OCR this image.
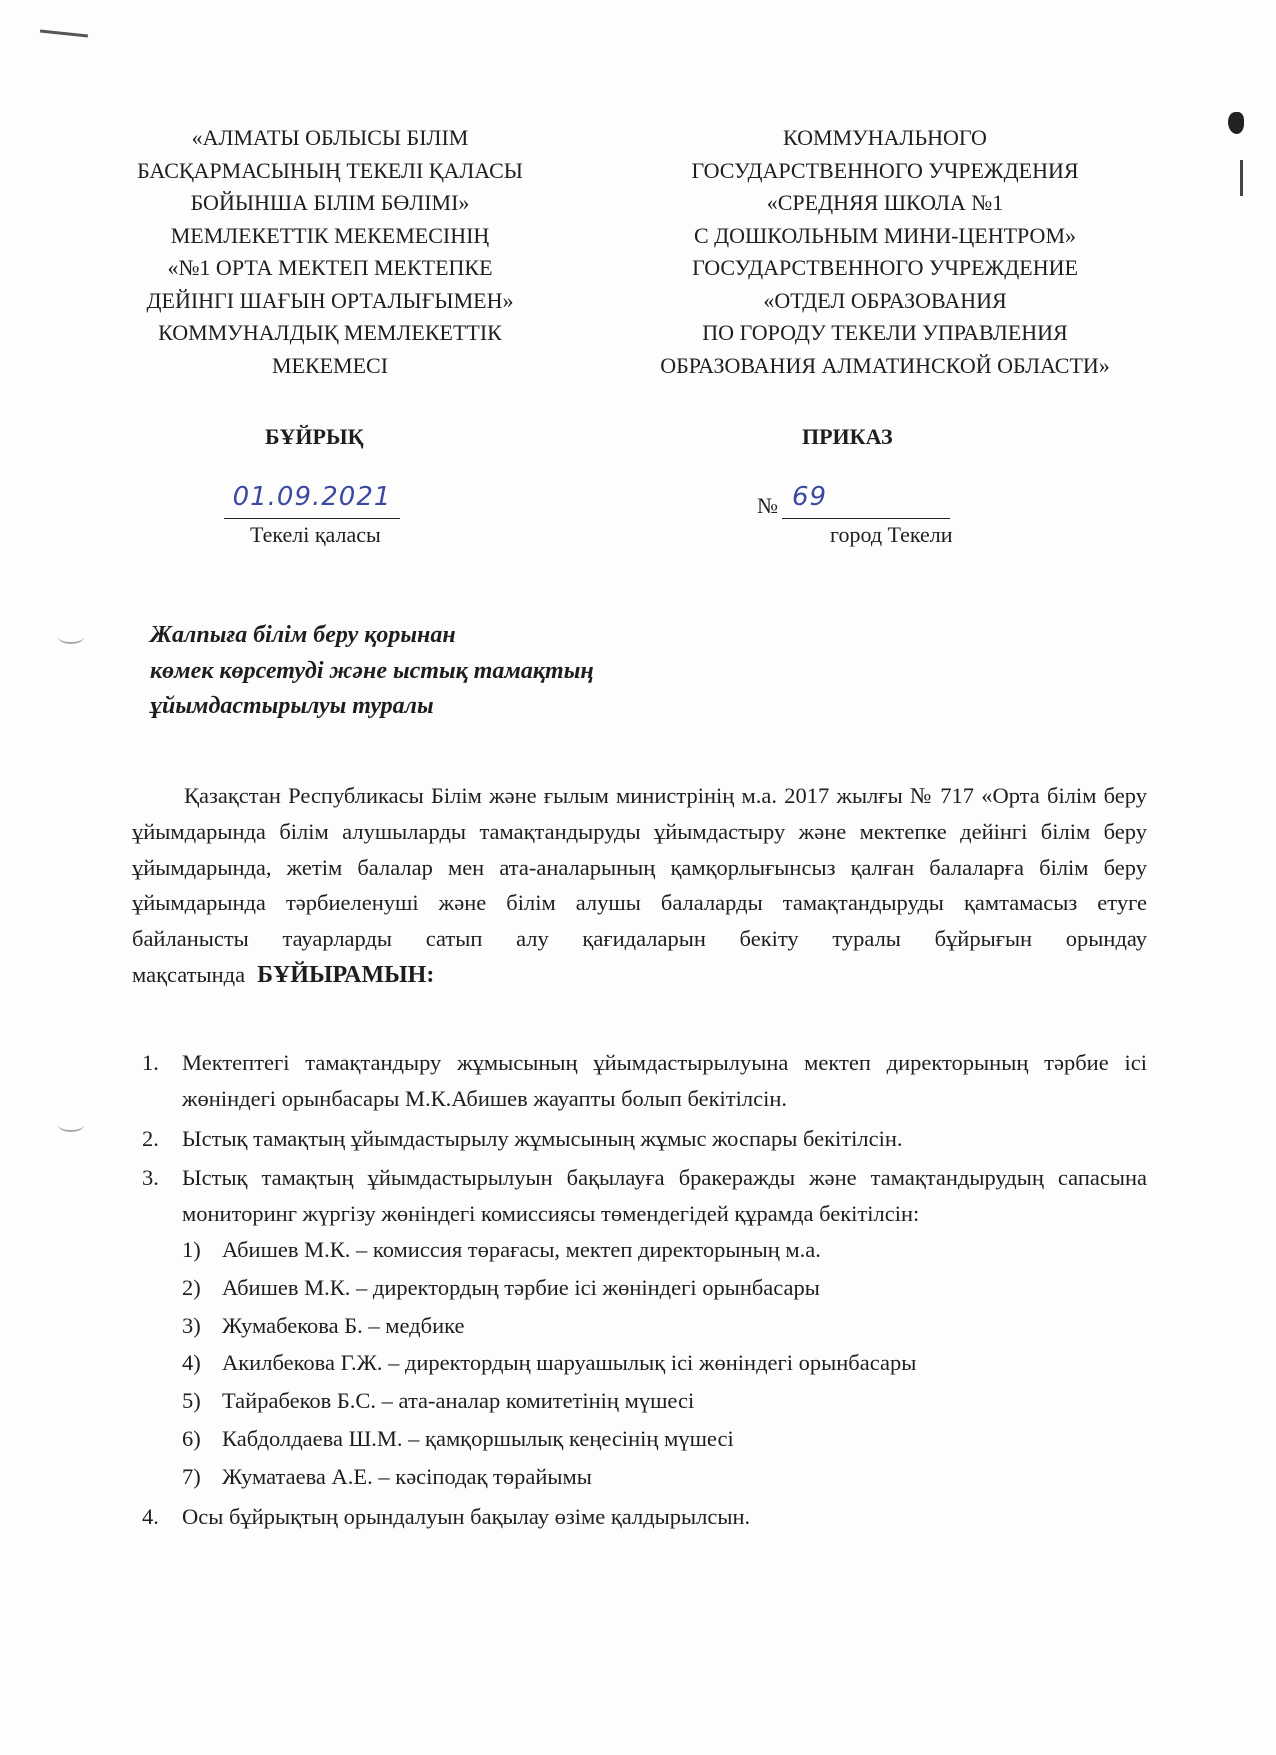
«АЛМАТЫ ОБЛЫСЫ БІЛІМ
БАСҚАРМАСЫНЫҢ ТЕКЕЛІ ҚАЛАСЫ
БОЙЫНША БІЛІМ БӨЛІМІ»
МЕМЛЕКЕТТІК МЕКЕМЕСІНІҢ
«№1 ОРТА МЕКТЕП МЕКТЕПКЕ
ДЕЙІНГІ ШАҒЫН ОРТАЛЫҒЫМЕН»
КОММУНАЛДЫҚ МЕМЛЕКЕТТІК
МЕКЕМЕСІ
КОММУНАЛЬНОГО
ГОСУДАРСТВЕННОГО УЧРЕЖДЕНИЯ
«СРЕДНЯЯ ШКОЛА №1
С ДОШКОЛЬНЫМ МИНИ-ЦЕНТРОМ»
ГОСУДАРСТВЕННОГО УЧРЕЖДЕНИЕ
«ОТДЕЛ ОБРАЗОВАНИЯ
ПО ГОРОДУ ТЕКЕЛИ УПРАВЛЕНИЯ
ОБРАЗОВАНИЯ АЛМАТИНСКОЙ ОБЛАСТИ»
БҰЙРЫҚ	ПРИКАЗ
01.09.2021	№ 69
Текелі қаласы	город Текели
Жалпыға білім беру қорынан
көмек көрсетуді және ыстық тамақтың
ұйымдастырылуы туралы
Қазақстан Республикасы Білім және ғылым министрінің м.а. 2017 жылғы № 717 «Орта білім беру ұйымдарында білім алушыларды тамақтандыруды ұйымдастыру және мектепке дейінгі білім беру ұйымдарында, жетім балалар мен ата-аналарының қамқорлығынсыз қалған балаларға білім беру ұйымдарында тәрбиеленуші және білім алушы балаларды тамақтандыруды қамтамасыз етуге байланысты тауарларды сатып алу қағидаларын бекіту туралы бұйрығын орындау мақсатында БҰЙЫРАМЫН:
1. Мектептегі тамақтандыру жұмысының ұйымдастырылуына мектеп директорының тәрбие ісі жөніндегі орынбасары М.К.Абишев жауапты болып бекітілсін.
2. Ыстық тамақтың ұйымдастырылу жұмысының жұмыс жоспары бекітілсін.
3. Ыстық тамақтың ұйымдастырылуын бақылауға бракеражды және тамақтандырудың сапасына мониторинг жүргізу жөніндегі комиссиясы төмендегідей құрамда бекітілсін:
1) Абишев М.К. – комиссия төрағасы, мектеп директорының м.а.
2) Абишев М.К. – директордың тәрбие ісі жөніндегі орынбасары
3) Жумабекова Б. – медбике
4) Акилбекова Г.Ж. – директордың шаруашылық ісі жөніндегі орынбасары
5) Тайрабеков Б.С. – ата-аналар комитетінің мүшесі
6) Кабдолдаева Ш.М. – қамқоршылық кеңесінің мүшесі
7) Жуматаева А.Е. – кәсіподақ төрайымы
4. Осы бұйрықтың орындалуын бақылау өзіме қалдырылсын.
